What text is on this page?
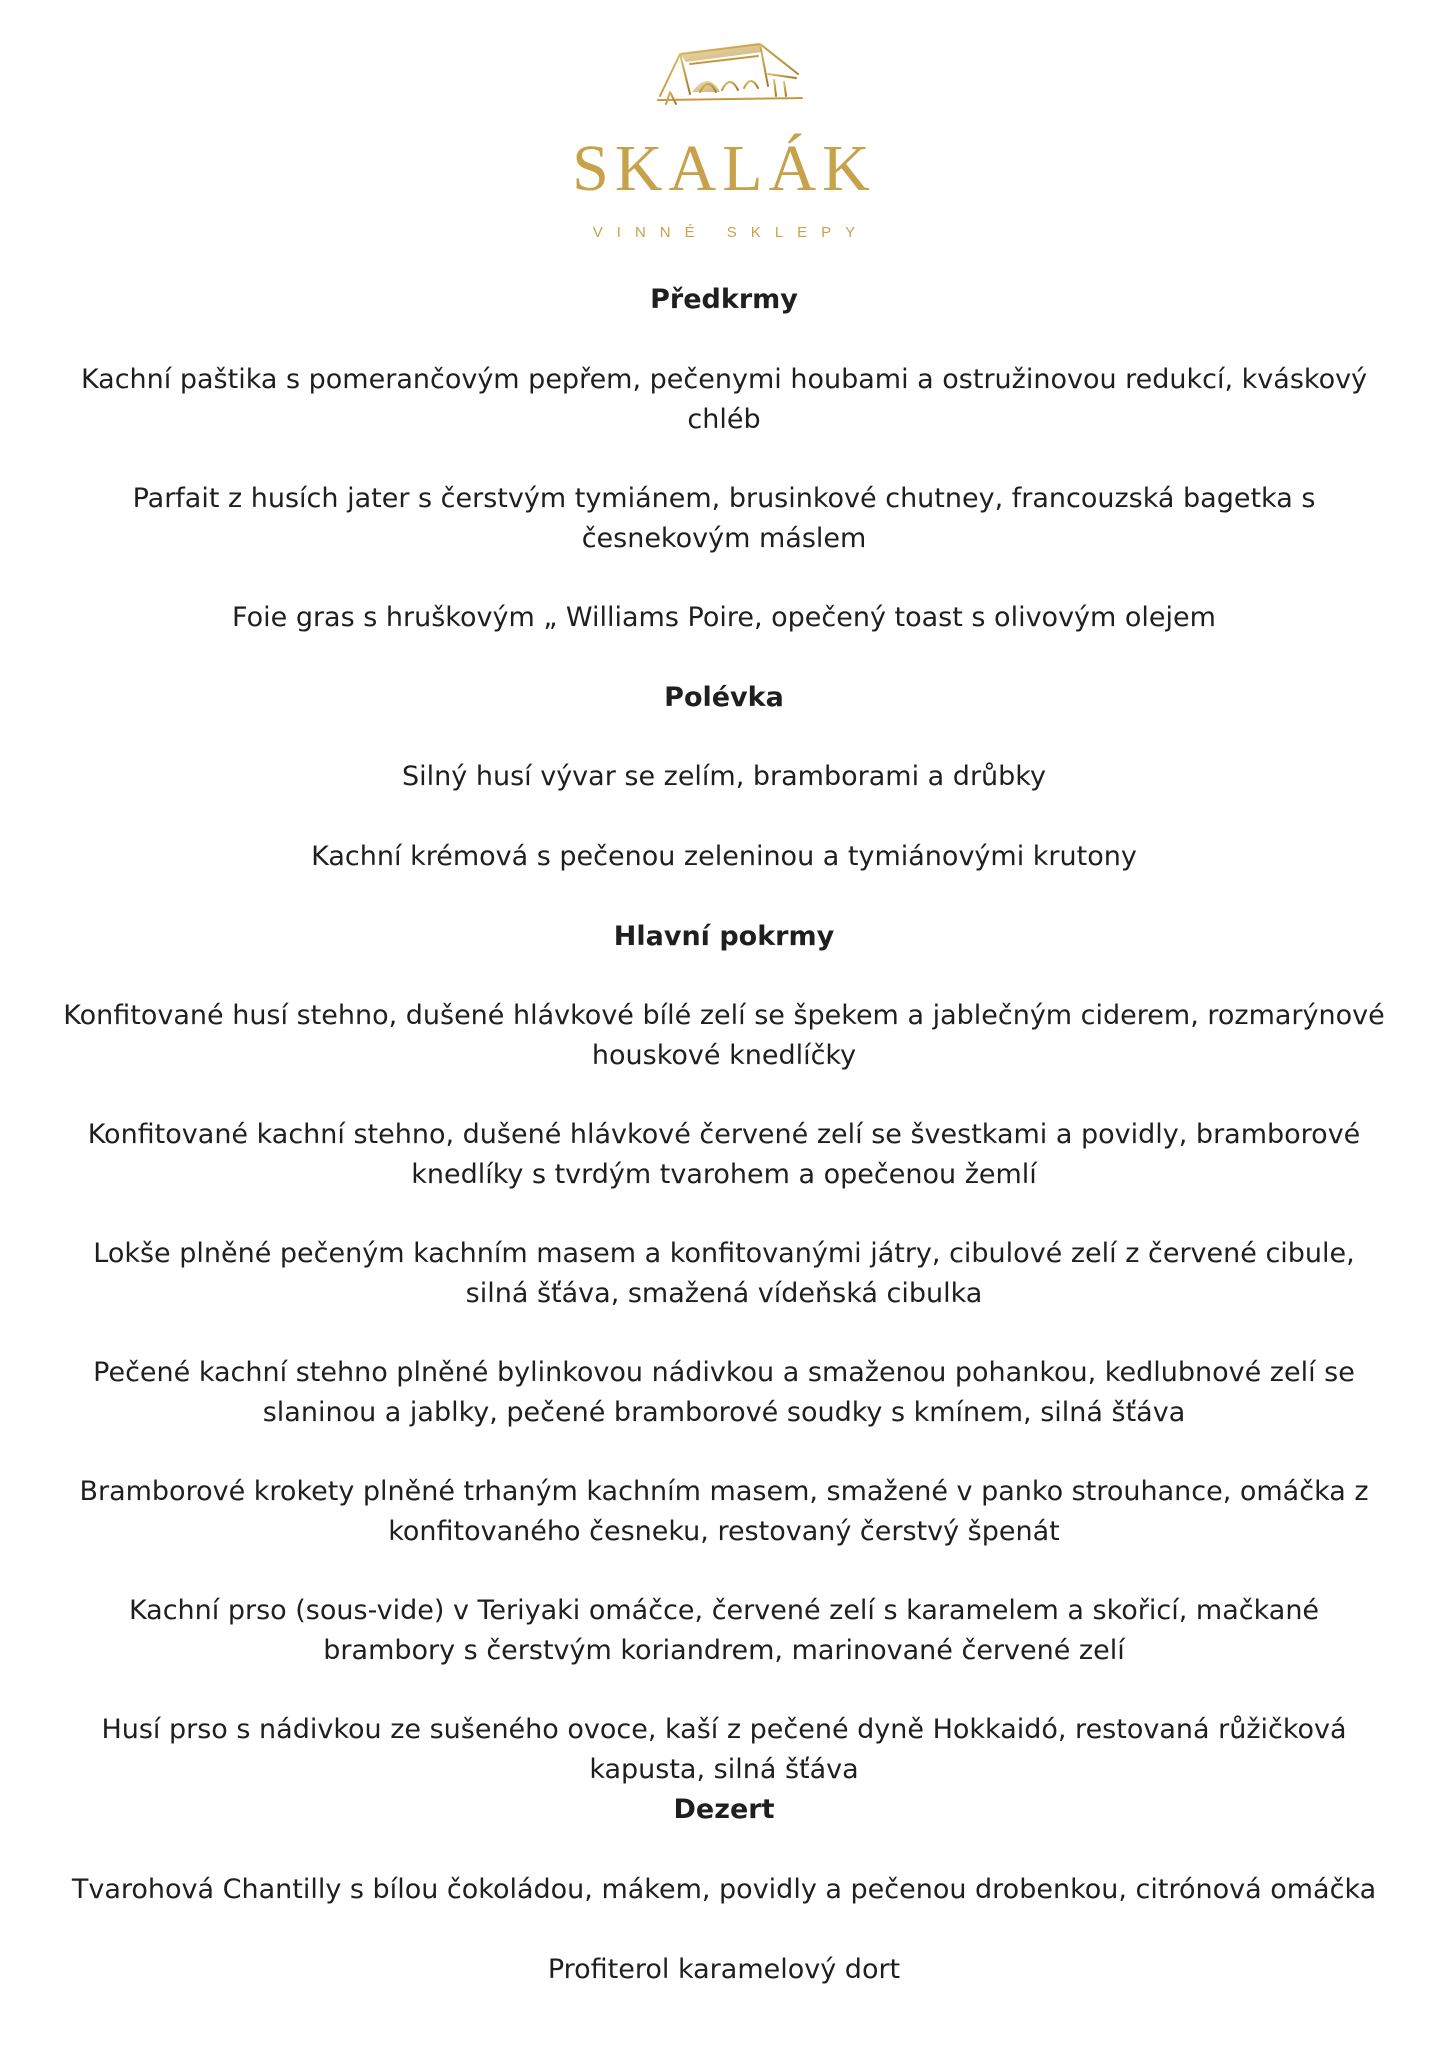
SKALÁK
VINNÉ SKLEPY
Předkrmy
Kachní paštika s pomerančovým pepřem, pečenymi houbami a ostružinovou redukcí, kváskový chléb
Parfait z husích jater s čerstvým tymiánem, brusinkové chutney, francouzská bagetka s česnekovým máslem
Foie gras s hruškovým „ Williams Poire, opečený toast s olivovým olejem
Polévka
Silný husí vývar se zelím, bramborami a drůbky
Kachní krémová s pečenou zeleninou a tymiánovými krutony
Hlavní pokrmy
Konfitované husí stehno, dušené hlávkové bílé zelí se špekem a jablečným ciderem, rozmarýnové houskové knedlíčky
Konfitované kachní stehno, dušené hlávkové červené zelí se švestkami a povidly, bramborové knedlíky s tvrdým tvarohem a opečenou žemlí
Lokše plněné pečeným kachním masem a konfitovanými játry, cibulové zelí z červené cibule, silná šťáva, smažená vídeňská cibulka
Pečené kachní stehno plněné bylinkovou nádivkou a smaženou pohankou, kedlubnové zelí se slaninou a jablky, pečené bramborové soudky s kmínem, silná šťáva
Bramborové krokety plněné trhaným kachním masem, smažené v panko strouhance, omáčka z konfitovaného česneku, restovaný čerstvý špenát
Kachní prso (sous-vide) v Teriyaki omáčce, červené zelí s karamelem a skořicí, mačkané brambory s čerstvým koriandrem, marinované červené zelí
Husí prso s nádivkou ze sušeného ovoce, kaší z pečené dyně Hokkaidó, restovaná růžičková kapusta, silná šťáva
Dezert
Tvarohová Chantilly s bílou čokoládou, mákem, povidly a pečenou drobenkou, citrónová omáčka
Profiterol karamelový dort
